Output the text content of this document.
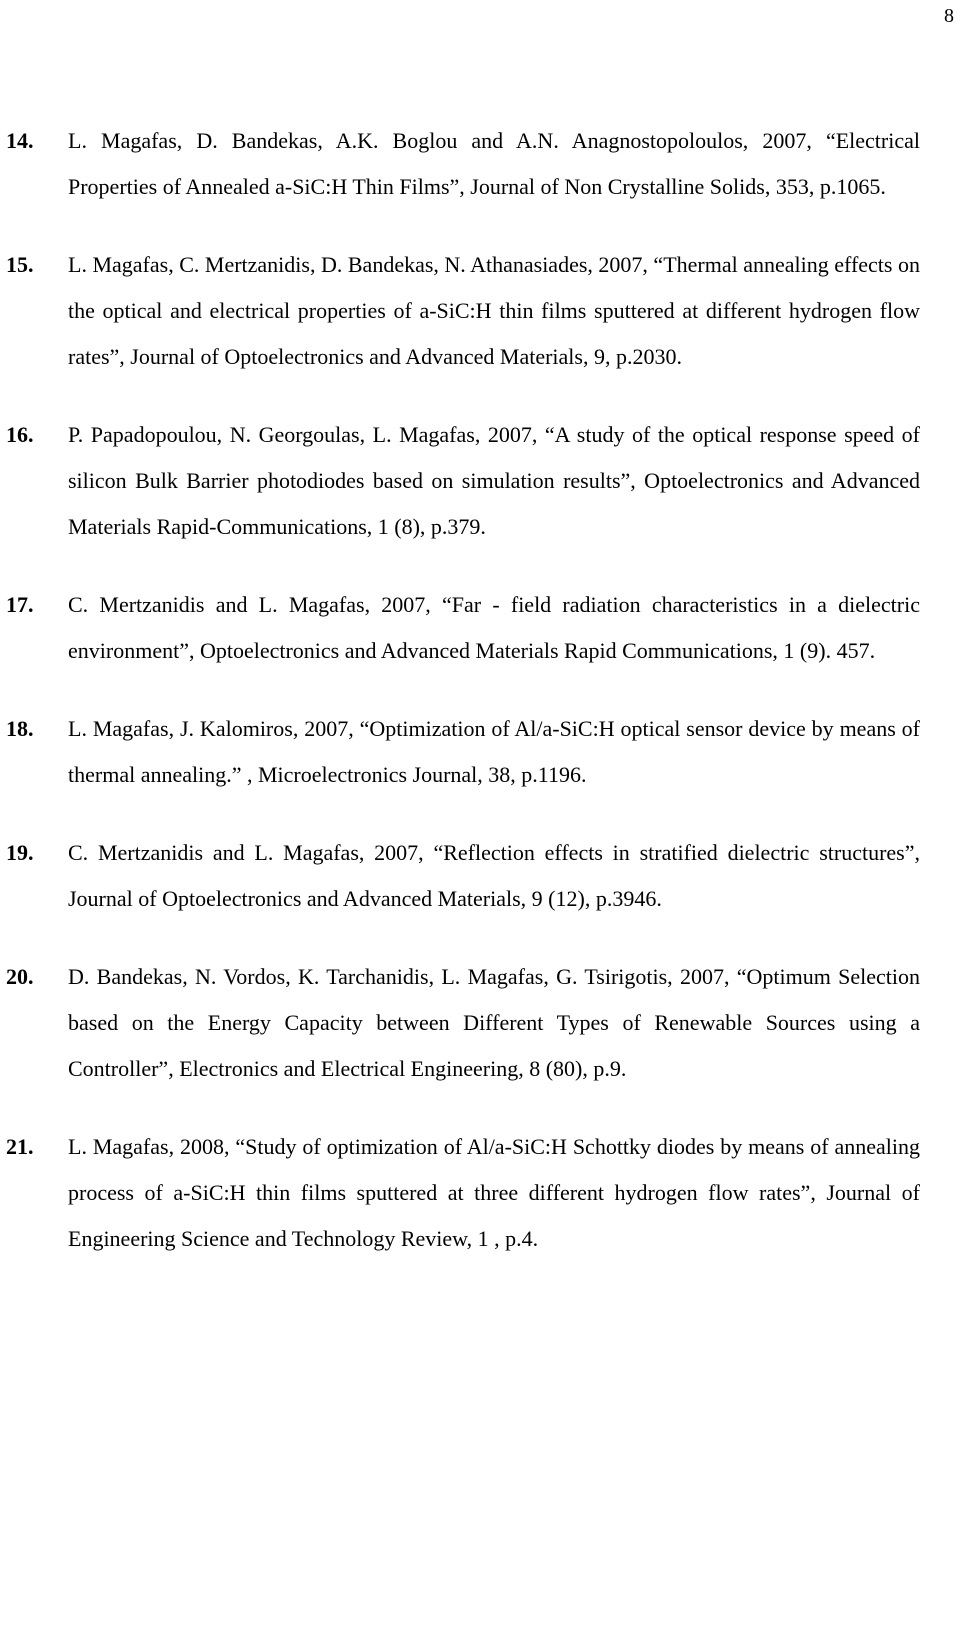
8
14. L. Magafas, D. Bandekas, A.K. Boglou and A.N. Anagnostopoloulos, 2007, “Electrical Properties of Annealed a-SiC:H Thin Films”, Journal of Non Crystalline Solids, 353, p.1065.

15. L. Magafas, C. Mertzanidis, D. Bandekas, N. Athanasiades, 2007, “Thermal annealing effects on the optical and electrical properties of a-SiC:H thin films sputtered at different hydrogen flow rates”, Journal of Optoelectronics and Advanced Materials, 9, p.2030.

16. P. Papadopoulou, N. Georgoulas, L. Magafas, 2007, “A study of the optical response speed of silicon Bulk Barrier photodiodes based on simulation results”, Optoelectronics and Advanced Materials Rapid-Communications, 1 (8), p.379.

17. C. Mertzanidis and L. Magafas, 2007, “Far - field radiation characteristics in a dielectric environment”, Optoelectronics and Advanced Materials Rapid Communications, 1 (9). 457.

18. L. Magafas, J. Kalomiros, 2007, “Optimization of Al/a-SiC:H optical sensor device by means of thermal annealing.” , Microelectronics Journal, 38, p.1196.

19. C. Mertzanidis and L. Magafas, 2007, “Reflection effects in stratified dielectric structures”, Journal of Optoelectronics and Advanced Materials, 9 (12), p.3946.

20. D. Bandekas, N. Vordos, K. Tarchanidis, L. Magafas, G. Tsirigotis, 2007, “Optimum Selection based on the Energy Capacity between Different Types of Renewable Sources using a Controller”, Electronics and Electrical Engineering, 8 (80), p.9.

21. L. Magafas, 2008, “Study of optimization of Al/a-SiC:H Schottky diodes by means of annealing process of a-SiC:H thin films sputtered at three different hydrogen flow rates”, Journal of Engineering Science and Technology Review, 1 , p.4.
